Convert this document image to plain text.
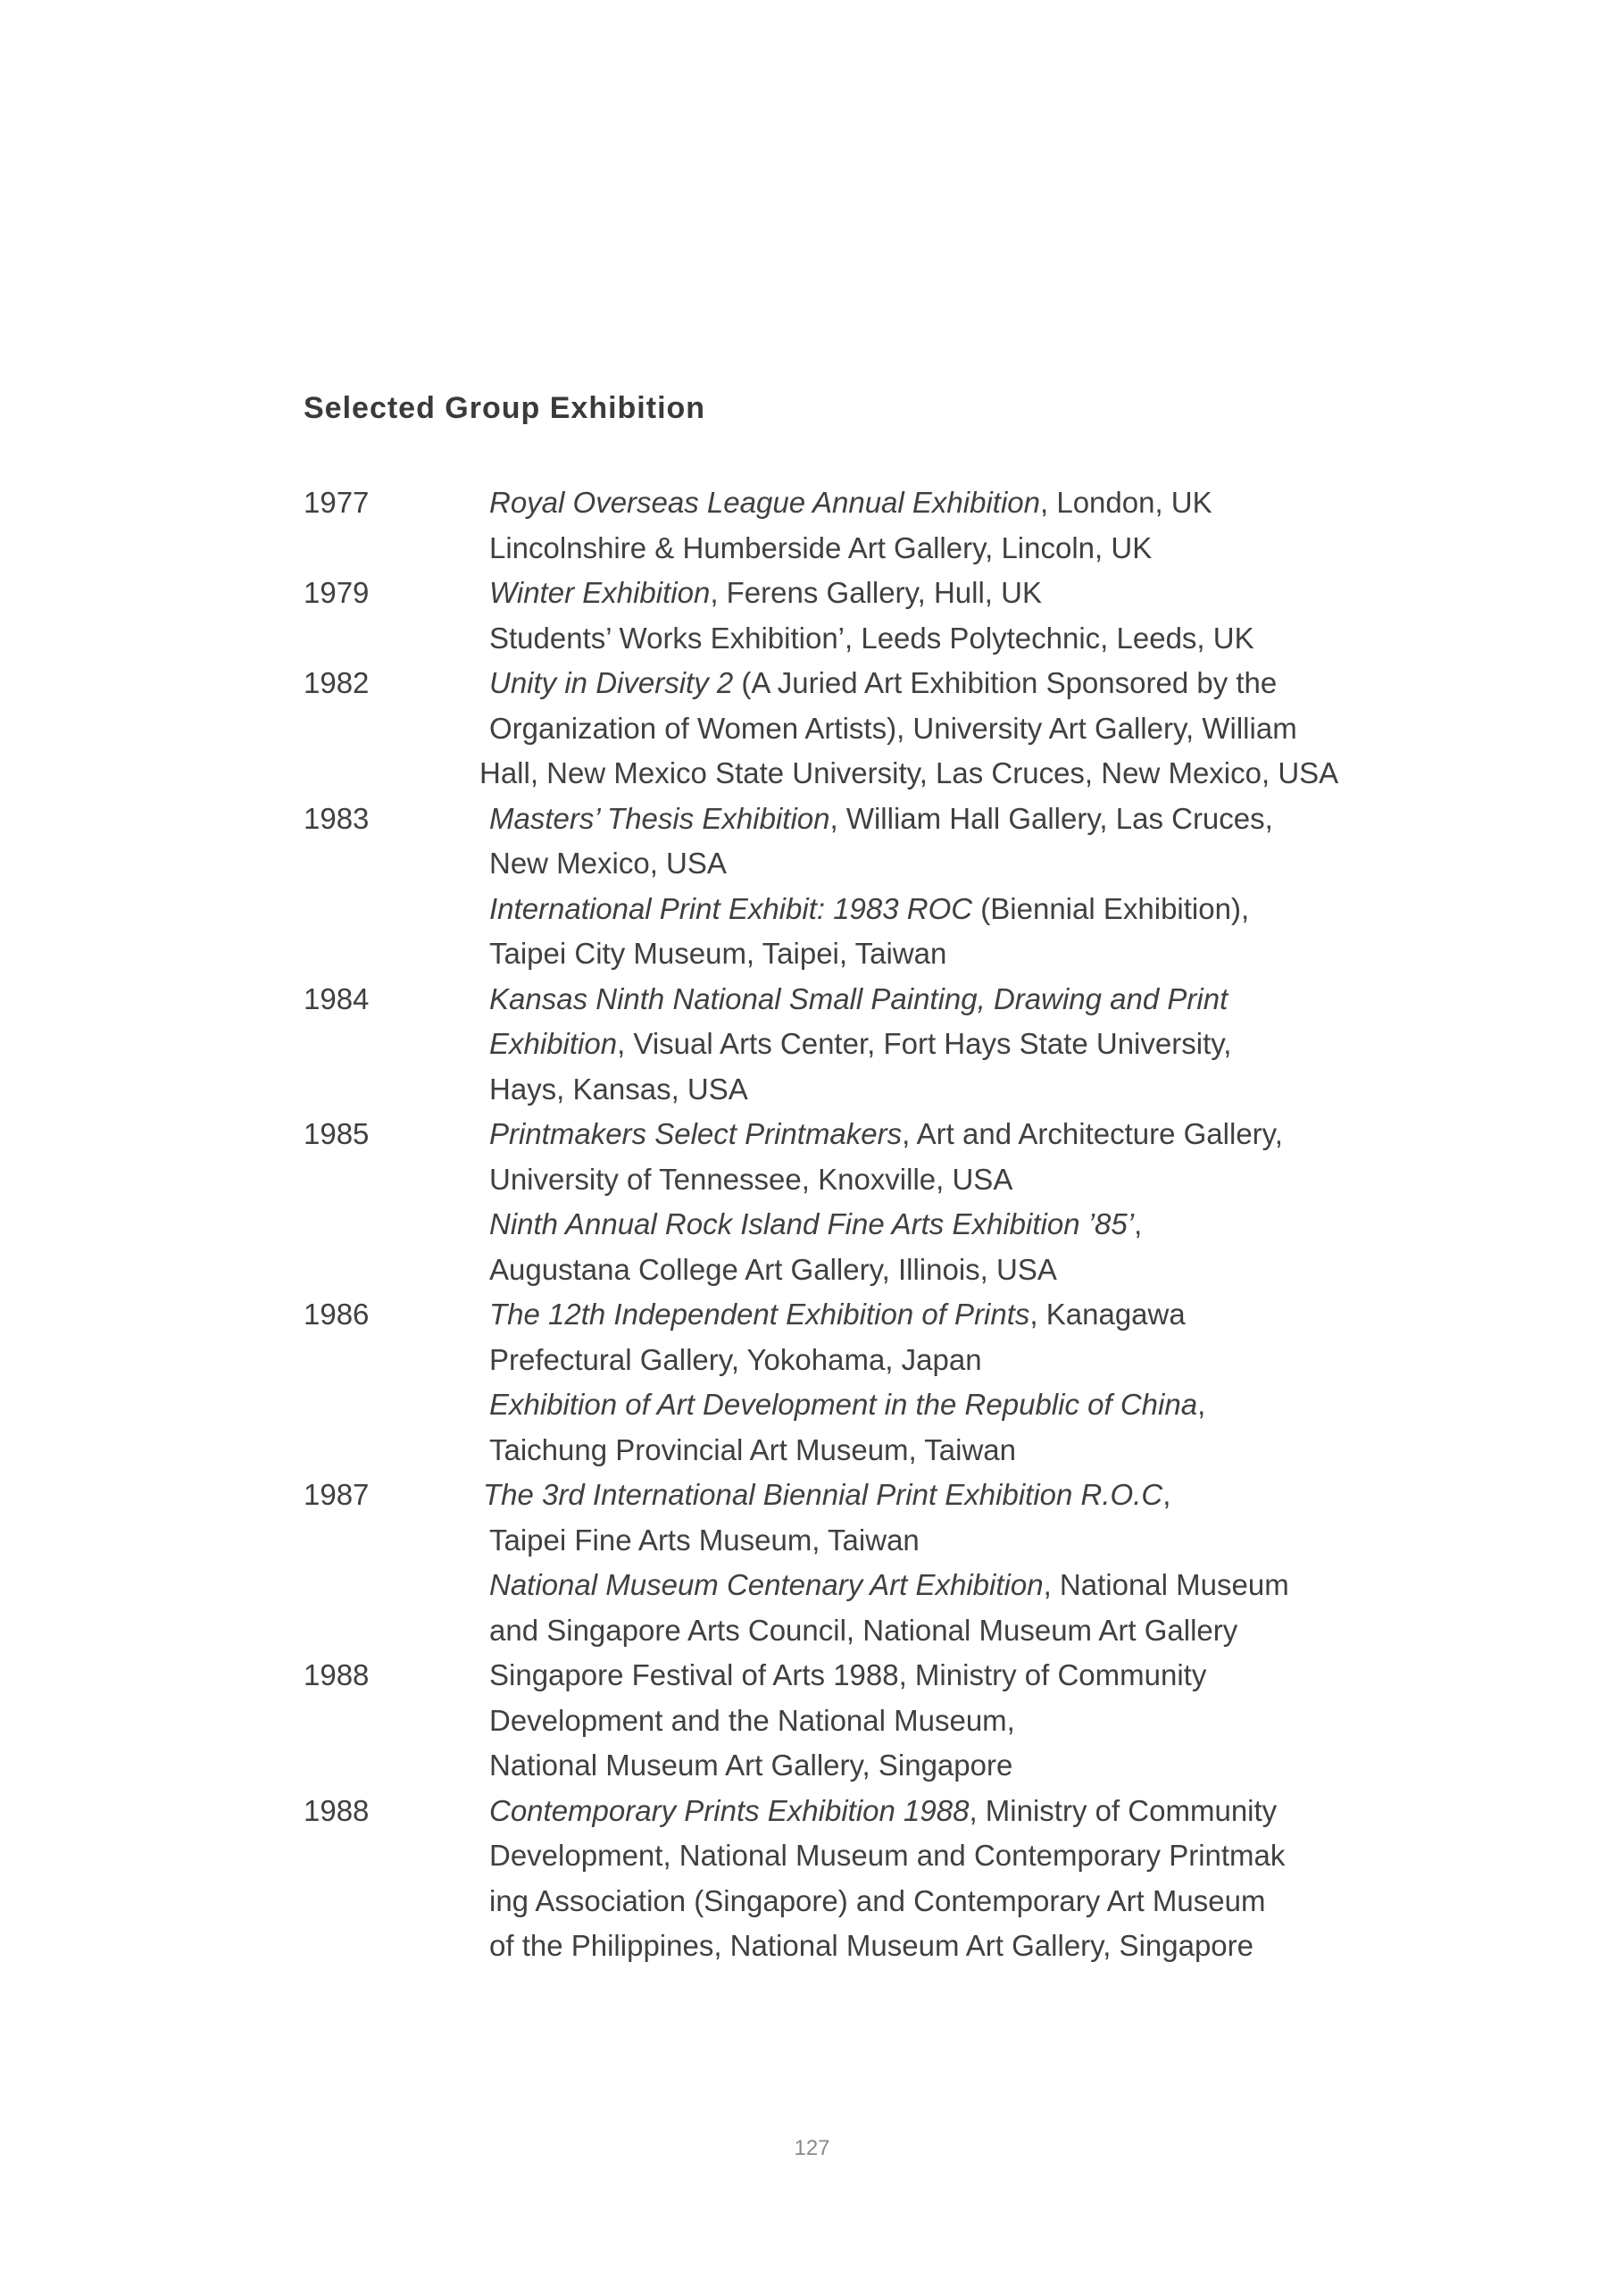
Selected Group Exhibition
1977	Royal Overseas League Annual Exhibition, London, UK
Lincolnshire & Humberside Art Gallery, Lincoln, UK
1979	Winter Exhibition, Ferens Gallery, Hull, UK
Students’ Works Exhibition’, Leeds Polytechnic, Leeds, UK
1982	Unity in Diversity 2 (A Juried Art Exhibition Sponsored by the
Organization of Women Artists), University Art Gallery, William
Hall, New Mexico State University, Las Cruces, New Mexico, USA
1983	Masters’ Thesis Exhibition, William Hall Gallery, Las Cruces,
New Mexico, USA
International Print Exhibit: 1983 ROC (Biennial Exhibition),
Taipei City Museum, Taipei, Taiwan
1984	Kansas Ninth National Small Painting, Drawing and Print
Exhibition, Visual Arts Center, Fort Hays State University,
Hays, Kansas, USA
1985	Printmakers Select Printmakers, Art and Architecture Gallery,
University of Tennessee, Knoxville, USA
Ninth Annual Rock Island Fine Arts Exhibition ’85’,
Augustana College Art Gallery, Illinois, USA
1986	The 12th Independent Exhibition of Prints, Kanagawa
Prefectural Gallery, Yokohama, Japan
Exhibition of Art Development in the Republic of China,
Taichung Provincial Art Museum, Taiwan
1987	The 3rd International Biennial Print Exhibition R.O.C,
Taipei Fine Arts Museum, Taiwan
National Museum Centenary Art Exhibition, National Museum
and Singapore Arts Council, National Museum Art Gallery
1988	Singapore Festival of Arts 1988, Ministry of Community
Development and the National Museum,
National Museum Art Gallery, Singapore
1988	Contemporary Prints Exhibition 1988, Ministry of Community
Development, National Museum and Contemporary Printmak
ing Association (Singapore) and Contemporary Art Museum
of the Philippines, National Museum Art Gallery, Singapore
127
